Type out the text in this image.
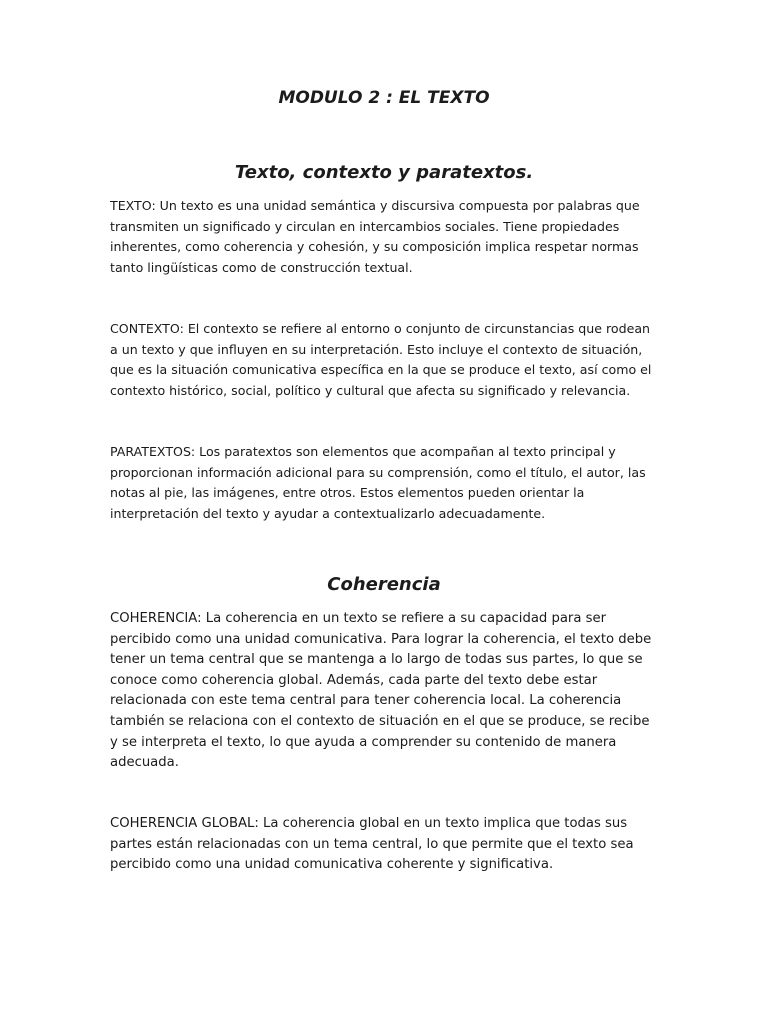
MODULO 2 : EL TEXTO
Texto, contexto y paratextos.

TEXTO: Un texto es una unidad semántica y discursiva compuesta por palabras que transmiten un significado y circulan en intercambios sociales. Tiene propiedades inherentes, como coherencia y cohesión, y su composición implica respetar normas tanto lingüísticas como de construcción textual.

CONTEXTO: El contexto se refiere al entorno o conjunto de circunstancias que rodean a un texto y que influyen en su interpretación. Esto incluye el contexto de situación, que es la situación comunicativa específica en la que se produce el texto, así como el contexto histórico, social, político y cultural que afecta su significado y relevancia.

PARATEXTOS: Los paratextos son elementos que acompañan al texto principal y proporcionan información adicional para su comprensión, como el título, el autor, las notas al pie, las imágenes, entre otros. Estos elementos pueden orientar la interpretación del texto y ayudar a contextualizarlo adecuadamente.

Coherencia

COHERENCIA: La coherencia en un texto se refiere a su capacidad para ser percibido como una unidad comunicativa. Para lograr la coherencia, el texto debe tener un tema central que se mantenga a lo largo de todas sus partes, lo que se conoce como coherencia global. Además, cada parte del texto debe estar relacionada con este tema central para tener coherencia local. La coherencia también se relaciona con el contexto de situación en el que se produce, se recibe y se interpreta el texto, lo que ayuda a comprender su contenido de manera adecuada.

COHERENCIA GLOBAL: La coherencia global en un texto implica que todas sus partes están relacionadas con un tema central, lo que permite que el texto sea percibido como una unidad comunicativa coherente y significativa.
